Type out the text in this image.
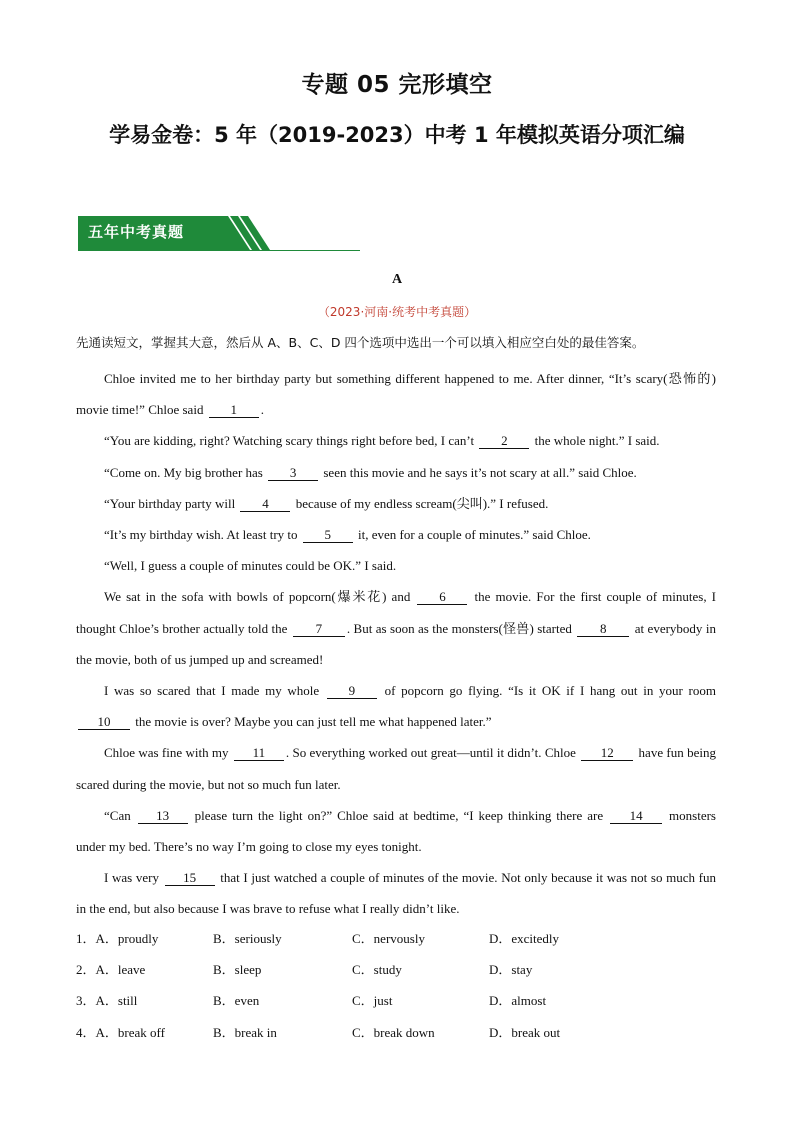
专题 05 完形填空
学易金卷：5 年（2019-2023）中考 1 年模拟英语分项汇编
五年中考真题
A
（2023·河南·统考中考真题）
先通读短文，掌握其大意，然后从 A、B、C、D 四个选项中选出一个可以填入相应空白处的最佳答案。

Chloe invited me to her birthday party but something different happened to me. After dinner, “It’s scary(恐怖的) movie time!” Chloe said 1 .

“You are kidding, right? Watching scary things right before bed, I can’t 2 the whole night.” I said.

“Come on. My big brother has 3 seen this movie and he says it’s not scary at all.” said Chloe.

“Your birthday party will 4 because of my endless scream(尖叫).” I refused.

“It’s my birthday wish. At least try to 5 it, even for a couple of minutes.” said Chloe.

“Well, I guess a couple of minutes could be OK.” I said.

We sat in the sofa with bowls of popcorn(爆米花) and 6 the movie. For the first couple of minutes, I thought Chloe’s brother actually told the 7 . But as soon as the monsters(怪兽) started 8 at everybody in the movie, both of us jumped up and screamed!

I was so scared that I made my whole 9 of popcorn go flying. “Is it OK if I hang out in your room 10 the movie is over? Maybe you can just tell me what happened later.”

Chloe was fine with my 11 . So everything worked out great—until it didn’t. Chloe 12 have fun being scared during the movie, but not so much fun later.

“Can 13 please turn the light on?” Chloe said at bedtime, “I keep thinking there are 14 monsters under my bed. There’s no way I’m going to close my eyes tonight.

I was very 15 that I just watched a couple of minutes of the movie. Not only because it was not so much fun in the end, but also because I was brave to refuse what I really didn’t like.

1．A．proudly	B．seriously	C．nervously	D．excitedly
2．A．leave	B．sleep	C．study	D．stay
3．A．still	B．even	C．just	D．almost
4．A．break off	B．break in	C．break down	D．break out
